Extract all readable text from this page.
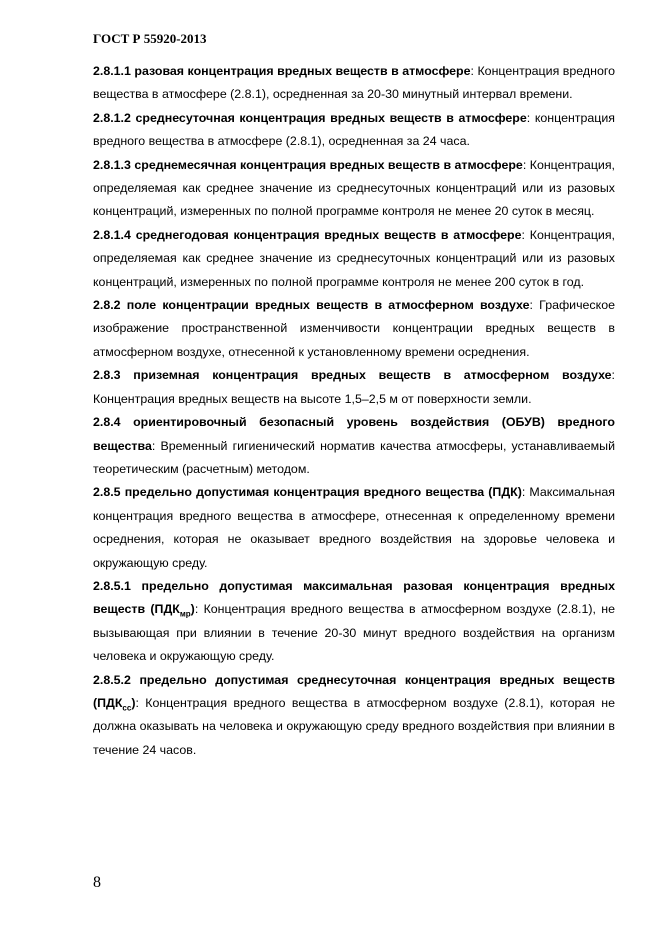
ГОСТ Р 55920-2013

2.8.1.1 разовая концентрация вредных веществ в атмосфере: Концентрация вредного вещества в атмосфере (2.8.1), осредненная за 20-30 минутный интервал времени.

2.8.1.2 среднесуточная концентрация вредных веществ в атмосфере: концентрация вредного вещества в атмосфере (2.8.1), осредненная за 24 часа.

2.8.1.3 среднемесячная концентрация вредных веществ в атмосфере: Концентрация, определяемая как среднее значение из среднесуточных концентраций или из разовых концентраций, измеренных по полной программе контроля не менее 20 суток в месяц.

2.8.1.4 среднегодовая концентрация вредных веществ в атмосфере: Концентрация, определяемая как среднее значение из среднесуточных концентраций или из разовых концентраций, измеренных по полной программе контроля не менее 200 суток в год.

2.8.2 поле концентрации вредных веществ в атмосферном воздухе: Графическое изображение пространственной изменчивости концентрации вредных веществ в атмосферном воздухе, отнесенной к установленному времени осреднения.

2.8.3 приземная концентрация вредных веществ в атмосферном воздухе: Концентрация вредных веществ на высоте 1,5–2,5 м от поверхности земли.

2.8.4 ориентировочный безопасный уровень воздействия (ОБУВ) вредного вещества: Временный гигиенический норматив качества атмосферы, устанавливаемый теоретическим (расчетным) методом.

2.8.5 предельно допустимая концентрация вредного вещества (ПДК): Максимальная концентрация вредного вещества в атмосфере, отнесенная к определенному времени осреднения, которая не оказывает вредного воздействия на здоровье человека и окружающую среду.

2.8.5.1 предельно допустимая максимальная разовая концентрация вредных веществ $(ПДК_{мр})$: Концентрация вредного вещества в атмосферном воздухе (2.8.1), не вызывающая при влиянии в течение 20-30 минут вредного воздействия на организм человека и окружающую среду.

2.8.5.2 предельно допустимая среднесуточная концентрация вредных веществ $(ПДК_{сс})$: Концентрация вредного вещества в атмосферном воздухе (2.8.1), которая не должна оказывать на человека и окружающую среду вредного воздействия при влиянии в течение 24 часов.

8
